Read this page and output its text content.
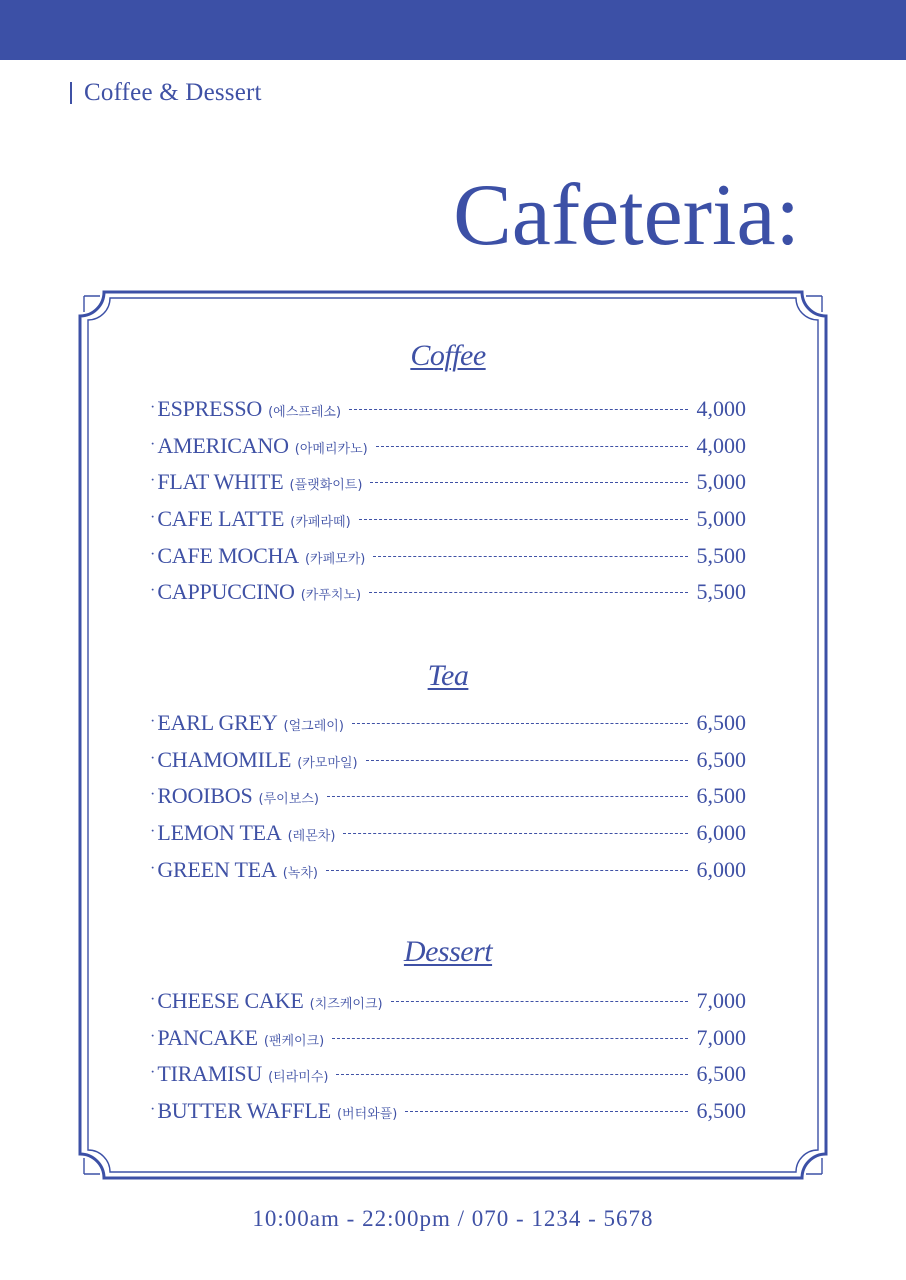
Coffee & Dessert
Cafeteria:
Coffee
· ESPRESSO (에스프레소)	4,000
· AMERICANO (아메리카노)	4,000
· FLAT WHITE (플랫화이트)	5,000
· CAFE LATTE (카페라떼)	5,000
· CAFE MOCHA (카페모카)	5,500
· CAPPUCCINO (카푸치노)	5,500
Tea
· EARL GREY (얼그레이)	6,500
· CHAMOMILE (카모마일)	6,500
· ROOIBOS (루이보스)	6,500
· LEMON TEA (레몬차)	6,000
· GREEN TEA (녹차)	6,000
Dessert
· CHEESE CAKE (치즈케이크)	7,000
· PANCAKE (팬케이크)	7,000
· TIRAMISU (티라미수)	6,500
· BUTTER WAFFLE (버터와플)	6,500
10:00am - 22:00pm / 070 - 1234 - 5678
